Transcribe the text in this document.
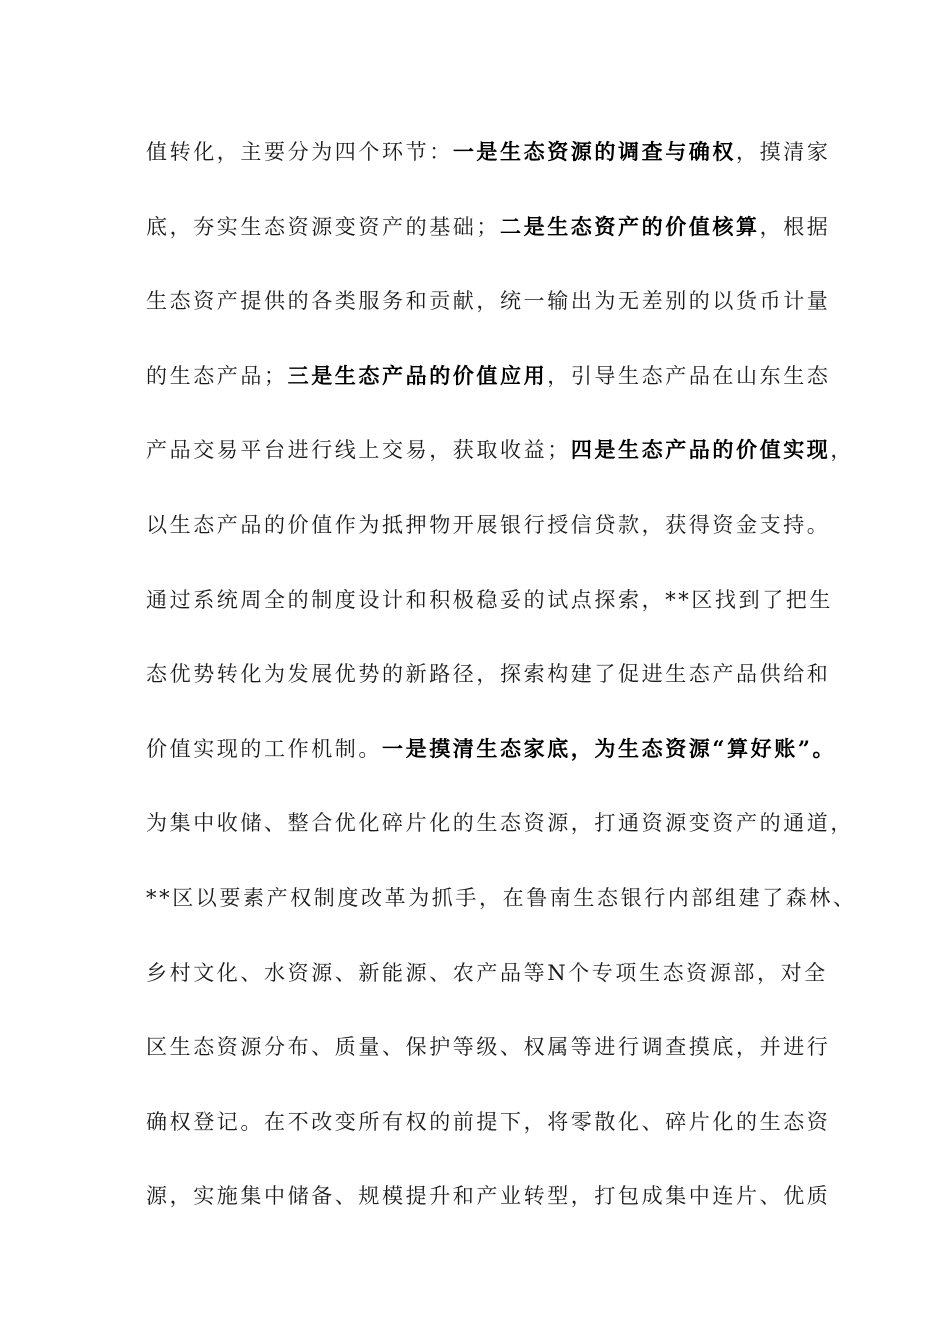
值转化，主要分为四个环节：一是生态资源的调查与确权，摸清家
底，夯实生态资源变资产的基础；二是生态资产的价值核算，根据
生态资产提供的各类服务和贡献，统一输出为无差别的以货币计量
的生态产品；三是生态产品的价值应用，引导生态产品在山东生态
产品交易平台进行线上交易，获取收益；四是生态产品的价值实现，
以生态产品的价值作为抵押物开展银行授信贷款，获得资金支持。
通过系统周全的制度设计和积极稳妥的试点探索，**区找到了把生
态优势转化为发展优势的新路径，探索构建了促进生态产品供给和
价值实现的工作机制。一是摸清生态家底，为生态资源“算好账”。
为集中收储、整合优化碎片化的生态资源，打通资源变资产的通道，
**区以要素产权制度改革为抓手，在鲁南生态银行内部组建了森林、
乡村文化、水资源、新能源、农产品等N个专项生态资源部，对全
区生态资源分布、质量、保护等级、权属等进行调查摸底，并进行
确权登记。在不改变所有权的前提下，将零散化、碎片化的生态资
源，实施集中储备、规模提升和产业转型，打包成集中连片、优质
